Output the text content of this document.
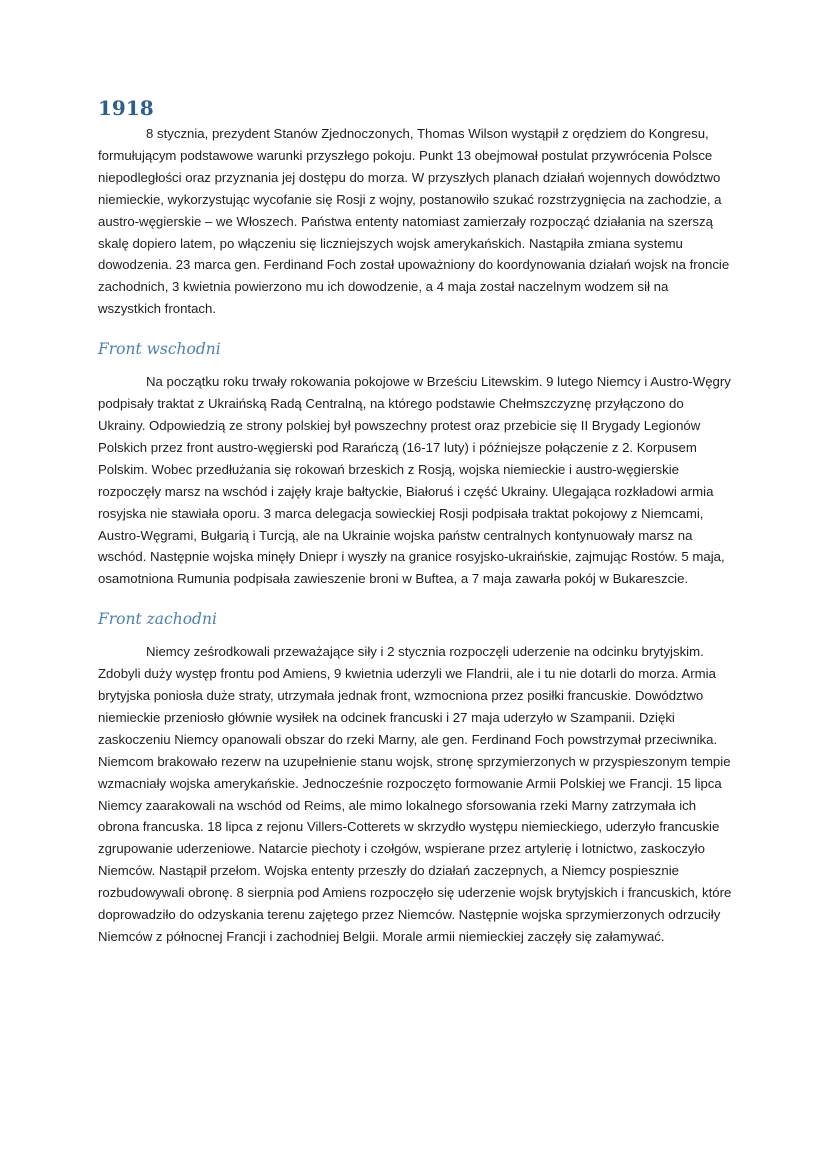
1918

8 stycznia, prezydent Stanów Zjednoczonych, Thomas Wilson wystąpił z orędziem do Kongresu, formułującym podstawowe warunki przyszłego pokoju. Punkt 13 obejmował postulat przywrócenia Polsce niepodległości oraz przyznania jej dostępu do morza. W przyszłych planach działań wojennych dowództwo niemieckie, wykorzystując wycofanie się Rosji z wojny, postanowiło szukać rozstrzygnięcia na zachodzie, a austro-węgierskie – we Włoszech. Państwa ententy natomiast zamierzały rozpocząć działania na szerszą skalę dopiero latem, po włączeniu się liczniejszych wojsk amerykańskich. Nastąpiła zmiana systemu dowodzenia. 23 marca gen. Ferdinand Foch został upoważniony do koordynowania działań wojsk na froncie zachodnich, 3 kwietnia powierzono mu ich dowodzenie, a 4 maja został naczelnym wodzem sił na wszystkich frontach.

Front wschodni

Na początku roku trwały rokowania pokojowe w Brześciu Litewskim. 9 lutego Niemcy i Austro-Węgry podpisały traktat z Ukraińską Radą Centralną, na którego podstawie Chełmszczyznę przyłączono do Ukrainy. Odpowiedzią ze strony polskiej był powszechny protest oraz przebicie się II Brygady Legionów Polskich przez front austro-węgierski pod Rarańczą (16-17 luty) i późniejsze połączenie z 2. Korpusem Polskim. Wobec przedłużania się rokowań brzeskich z Rosją, wojska niemieckie i austro-węgierskie rozpoczęły marsz na wschód i zajęły kraje bałtyckie, Białoruś i część Ukrainy. Ulegająca rozkładowi armia rosyjska nie stawiała oporu. 3 marca delegacja sowieckiej Rosji podpisała traktat pokojowy z Niemcami, Austro-Węgrami, Bułgarią i Turcją, ale na Ukrainie wojska państw centralnych kontynuowały marsz na wschód. Następnie wojska minęły Dniepr i wyszły na granice rosyjsko-ukraińskie, zajmując Rostów. 5 maja, osamotniona Rumunia podpisała zawieszenie broni w Buftea, a 7 maja zawarła pokój w Bukareszcie.

Front zachodni

Niemcy ześrodkowali przeważające siły i 2 stycznia rozpoczęli uderzenie na odcinku brytyjskim. Zdobyli duży występ frontu pod Amiens, 9 kwietnia uderzyli we Flandrii, ale i tu nie dotarli do morza. Armia brytyjska poniosła duże straty, utrzymała jednak front, wzmocniona przez posiłki francuskie. Dowództwo niemieckie przeniosło głównie wysiłek na odcinek francuski i 27 maja uderzyło w Szampanii. Dzięki zaskoczeniu Niemcy opanowali obszar do rzeki Marny, ale gen. Ferdinand Foch powstrzymał przeciwnika. Niemcom brakowało rezerw na uzupełnienie stanu wojsk, stronę sprzymierzonych w przyspieszonym tempie wzmacniały wojska amerykańskie. Jednocześnie rozpoczęto formowanie Armii Polskiej we Francji. 15 lipca Niemcy zaarakowali na wschód od Reims, ale mimo lokalnego sforsowania rzeki Marny zatrzymała ich obrona francuska. 18 lipca z rejonu Villers-Cotterets w skrzydło występu niemieckiego, uderzyło francuskie zgrupowanie uderzeniowe. Natarcie piechoty i czołgów, wspierane przez artylerię i lotnictwo, zaskoczyło Niemców. Nastąpił przełom. Wojska ententy przeszły do działań zaczepnych, a Niemcy pospiesznie rozbudowywali obronę. 8 sierpnia pod Amiens rozpoczęło się uderzenie wojsk brytyjskich i francuskich, które doprowadziło do odzyskania terenu zajętego przez Niemców. Następnie wojska sprzymierzonych odrzuciły Niemców z północnej Francji i zachodniej Belgii. Morale armii niemieckiej zaczęły się załamywać.
